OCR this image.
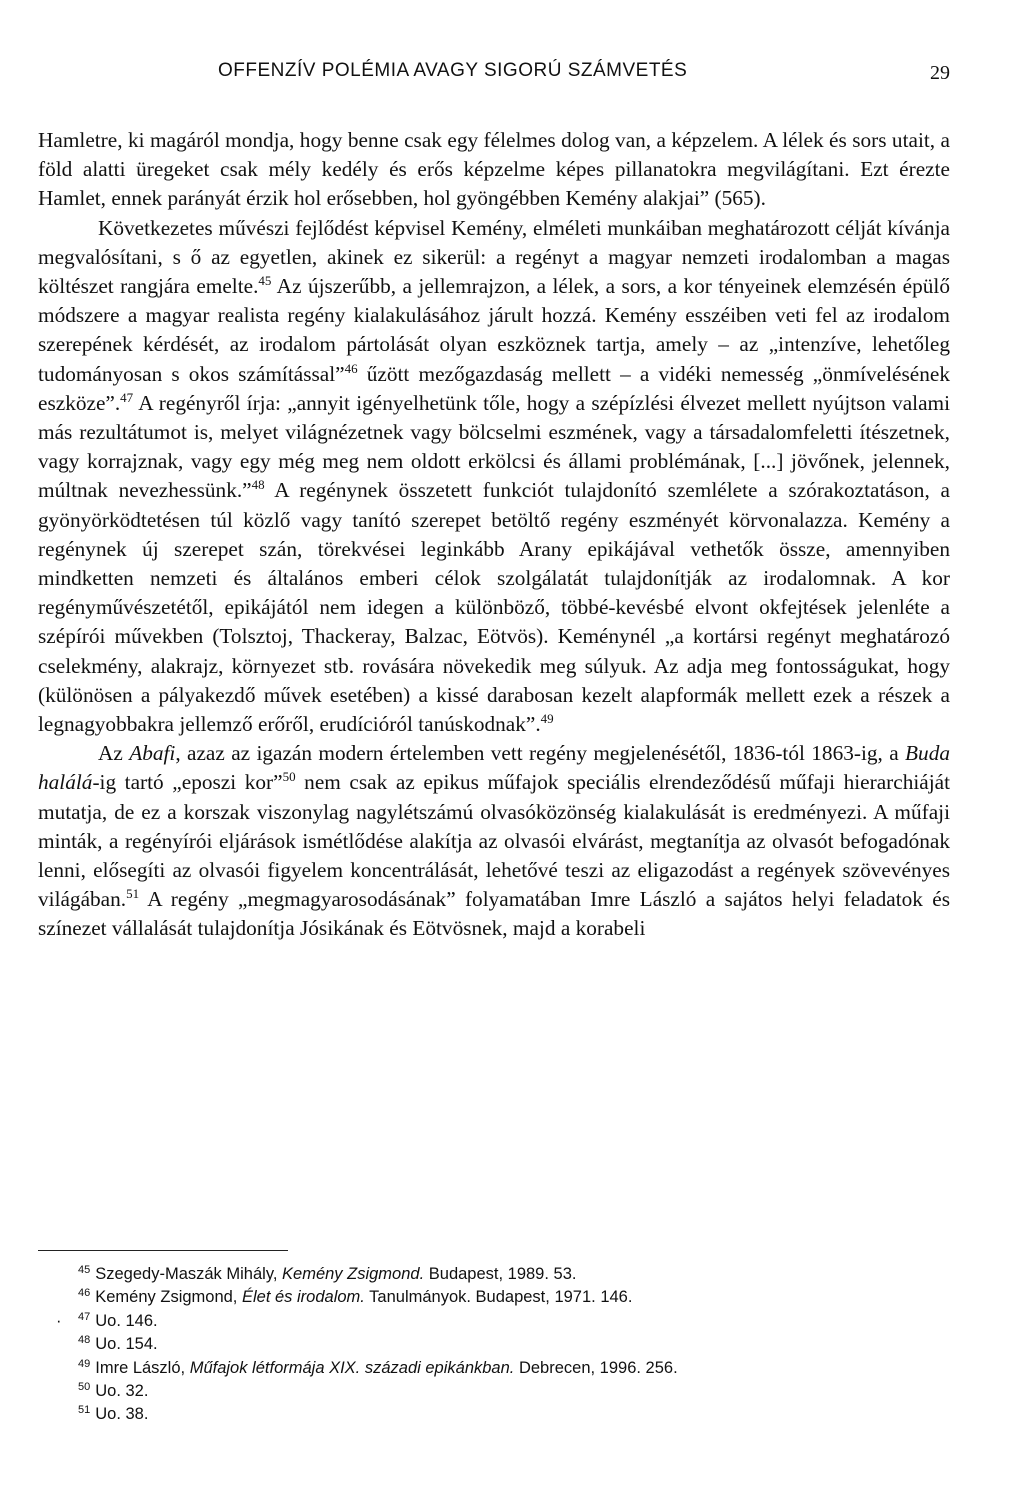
OFFENZÍV POLÉMIA AVAGY SIGORÚ SZÁMVETÉS	29

Hamletre, ki magáról mondja, hogy benne csak egy félelmes dolog van, a képzelem. A lélek és sors utait, a föld alatti üregeket csak mély kedély és erős képzelme képes pillanatokra megvilágítani. Ezt érezte Hamlet, ennek parányát érzik hol erősebben, hol gyöngébben Kemény alakjai” (565).

Következetes művészi fejlődést képvisel Kemény, elméleti munkáiban meghatározott célját kívánja megvalósítani, s ő az egyetlen, akinek ez sikerül: a regényt a magyar nemzeti irodalomban a magas költészet rangjára emelte.$^{45}$ Az újszerűbb, a jellemrajzon, a lélek, a sors, a kor tényeinek elemzésén épülő módszere a magyar realista regény kialakulásához járult hozzá. Kemény esszéiben veti fel az irodalom szerepének kérdését, az irodalom pártolását olyan eszköznek tartja, amely – az „intenzíve, lehetőleg tudományosan s okos számítással”$^{46}$ űzött mezőgazdaság mellett – a vidéki nemesség „önmívelésének eszköze”.$^{47}$ A regényről írja: „annyit igényelhetünk tőle, hogy a szépízlési élvezet mellett nyújtson valami más rezultátumot is, melyet világnézetnek vagy bölcselmi eszmének, vagy a társadalomfeletti ítészetnek, vagy korrajznak, vagy egy még meg nem oldott erkölcsi és állami problémának, [...] jövőnek, jelennek, múltnak nevezhessünk.”$^{48}$ A regénynek összetett funkciót tulajdonító szemlélete a szórakoztatáson, a gyönyörködtetésen túl közlő vagy tanító szerepet betöltő regény eszményét körvonalazza. Kemény a regénynek új szerepet szán, törekvései leginkább Arany epikájával vethetők össze, amennyiben mindketten nemzeti és általános emberi célok szolgálatát tulajdonítják az irodalomnak. A kor regényművészetétől, epikájától nem idegen a különböző, többé-kevésbé elvont okfejtések jelenléte a szépírói művekben (Tolsztoj, Thackeray, Balzac, Eötvös). Keménynél „a kortársi regényt meghatározó cselekmény, alakrajz, környezet stb. rovására növekedik meg súlyuk. Az adja meg fontosságukat, hogy (különösen a pályakezdő művek esetében) a kissé darabosan kezelt alapformák mellett ezek a részek a legnagyobbakra jellemző erőről, erudícióról tanúskodnak”.$^{49}$

Az Abafi, azaz az igazán modern értelemben vett regény megjelenésétől, 1836-tól 1863-ig, a Buda halálá-ig tartó „eposzi kor”$^{50}$ nem csak az epikus műfajok speciális elrendeződésű műfaji hierarchiáját mutatja, de ez a korszak viszonylag nagylétszámú olvasóközönség kialakulását is eredményezi. A műfaji minták, a regényírói eljárások ismétlődése alakítja az olvasói elvárást, megtanítja az olvasót befogadónak lenni, elősegíti az olvasói figyelem koncentrálását, lehetővé teszi az eligazodást a regények szövevényes világában.$^{51}$ A regény „megmagyarosodásának” folyamatában Imre László a sajátos helyi feladatok és színezet vállalását tulajdonítja Jósikának és Eötvösnek, majd a korabeli

$^{45}$ Szegedy-Maszák Mihály, Kemény Zsigmond. Budapest, 1989. 53.
$^{46}$ Kemény Zsigmond, Élet és irodalom. Tanulmányok. Budapest, 1971. 146.
· $^{47}$ Uo. 146.
$^{48}$ Uo. 154.
$^{49}$ Imre László, Műfajok létformája XIX. századi epikánkban. Debrecen, 1996. 256.
$^{50}$ Uo. 32.
$^{51}$ Uo. 38.
